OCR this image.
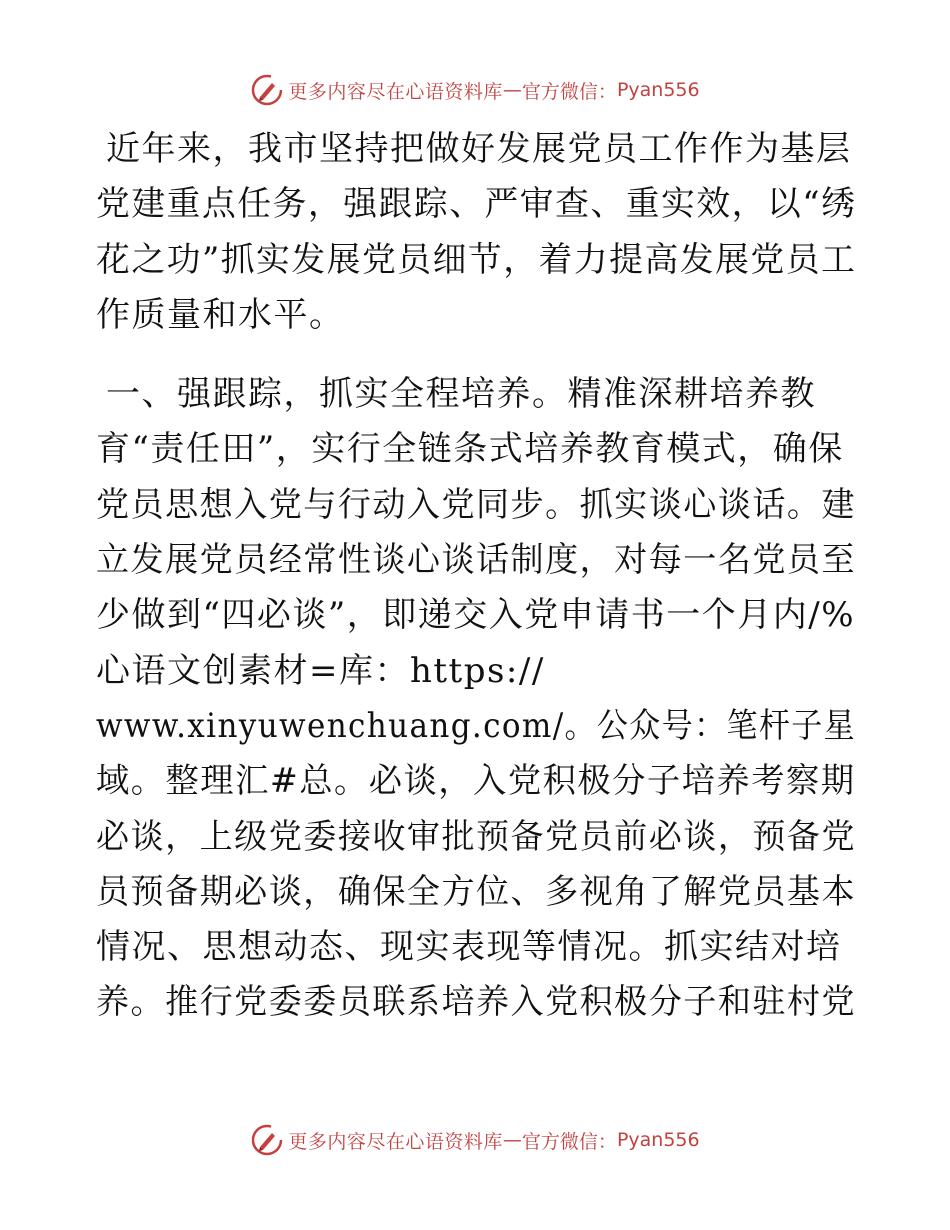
更多内容尽在心语资料库 — 官方微信： Pyan556

近年来，我市坚持把做好发展党员工作作为基层
党建重点任务，强跟踪、严审查、重实效，以“绣
花之功”抓实发展党员细节，着力提高发展党员工
作质量和水平。

一、强跟踪，抓实全程培养。精准深耕培养教
育“责任田”，实行全链条式培养教育模式，确保
党员思想入党与行动入党同步。抓实谈心谈话。建
立发展党员经常性谈心谈话制度，对每一名党员至
少做到“四必谈”，即递交入党申请书一个月内/%
心语文创素材=库：https://
www.xinyuwenchuang.com/。公众号：笔杆子星
域。整理汇#总。必谈，入党积极分子培养考察期
必谈，上级党委接收审批预备党员前必谈，预备党
员预备期必谈，确保全方位、多视角了解党员基本
情况、思想动态、现实表现等情况。抓实结对培
养。推行党委委员联系培养入党积极分子和驻村党

更多内容尽在心语资料库 — 官方微信： Pyan556
